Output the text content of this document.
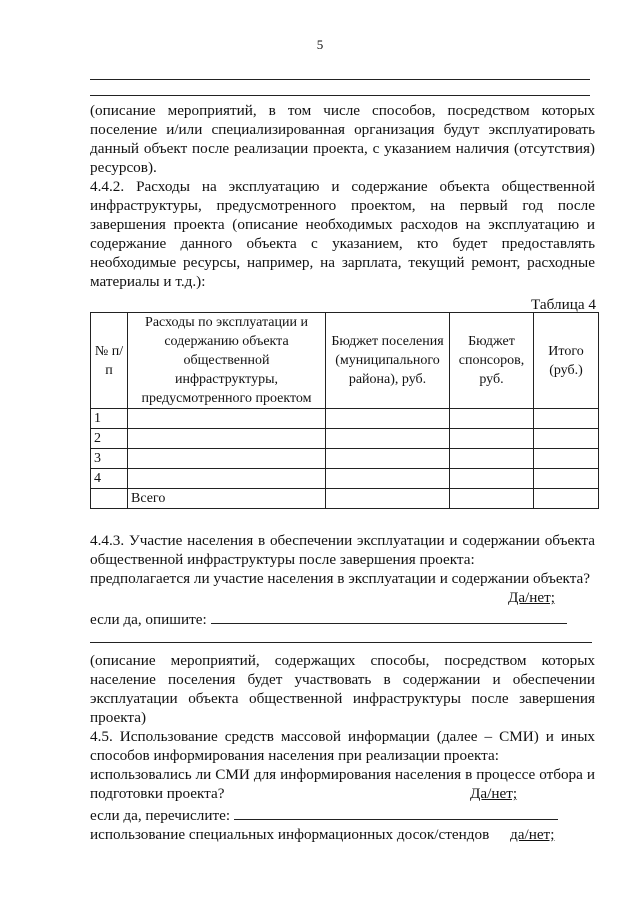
5
(описание мероприятий, в том числе способов, посредством которых
поселение и/или специализированная организация будут эксплуатировать
данный объект после реализации проекта, с указанием наличия (отсутствия)
ресурсов).
4.4.2. Расходы на эксплуатацию и содержание объекта общественной
инфраструктуры, предусмотренного проектом, на первый год после
завершения проекта (описание необходимых расходов на эксплуатацию и
содержание данного объекта с указанием, кто будет предоставлять
необходимые ресурсы, например, на зарплата, текущий ремонт, расходные
материалы и т.д.):
Таблица 4
№ п/п	Расходы по эксплуатации и содержанию объекта общественной инфраструктуры, предусмотренного проектом	Бюджет поселения (муниципального района), руб.	Бюджет спонсоров, руб.	Итого (руб.)
1				
2				
3				
4				
	Всего			
4.4.3. Участие населения в обеспечении эксплуатации и содержании объекта
общественной инфраструктуры после завершения проекта:
предполагается ли участие населения в эксплуатации и содержании объекта?
Да/нет;
если да, опишите:
(описание мероприятий, содержащих способы, посредством которых
население поселения будет участвовать в содержании и обеспечении
эксплуатации объекта общественной инфраструктуры после завершения
проекта)
4.5. Использование средств массовой информации (далее – СМИ) и иных
способов информирования населения при реализации проекта:
использовались ли СМИ для информирования населения в процессе отбора и
подготовки проекта?	Да/нет;
если да, перечислите:
использование специальных информационных досок/стендов да/нет;
